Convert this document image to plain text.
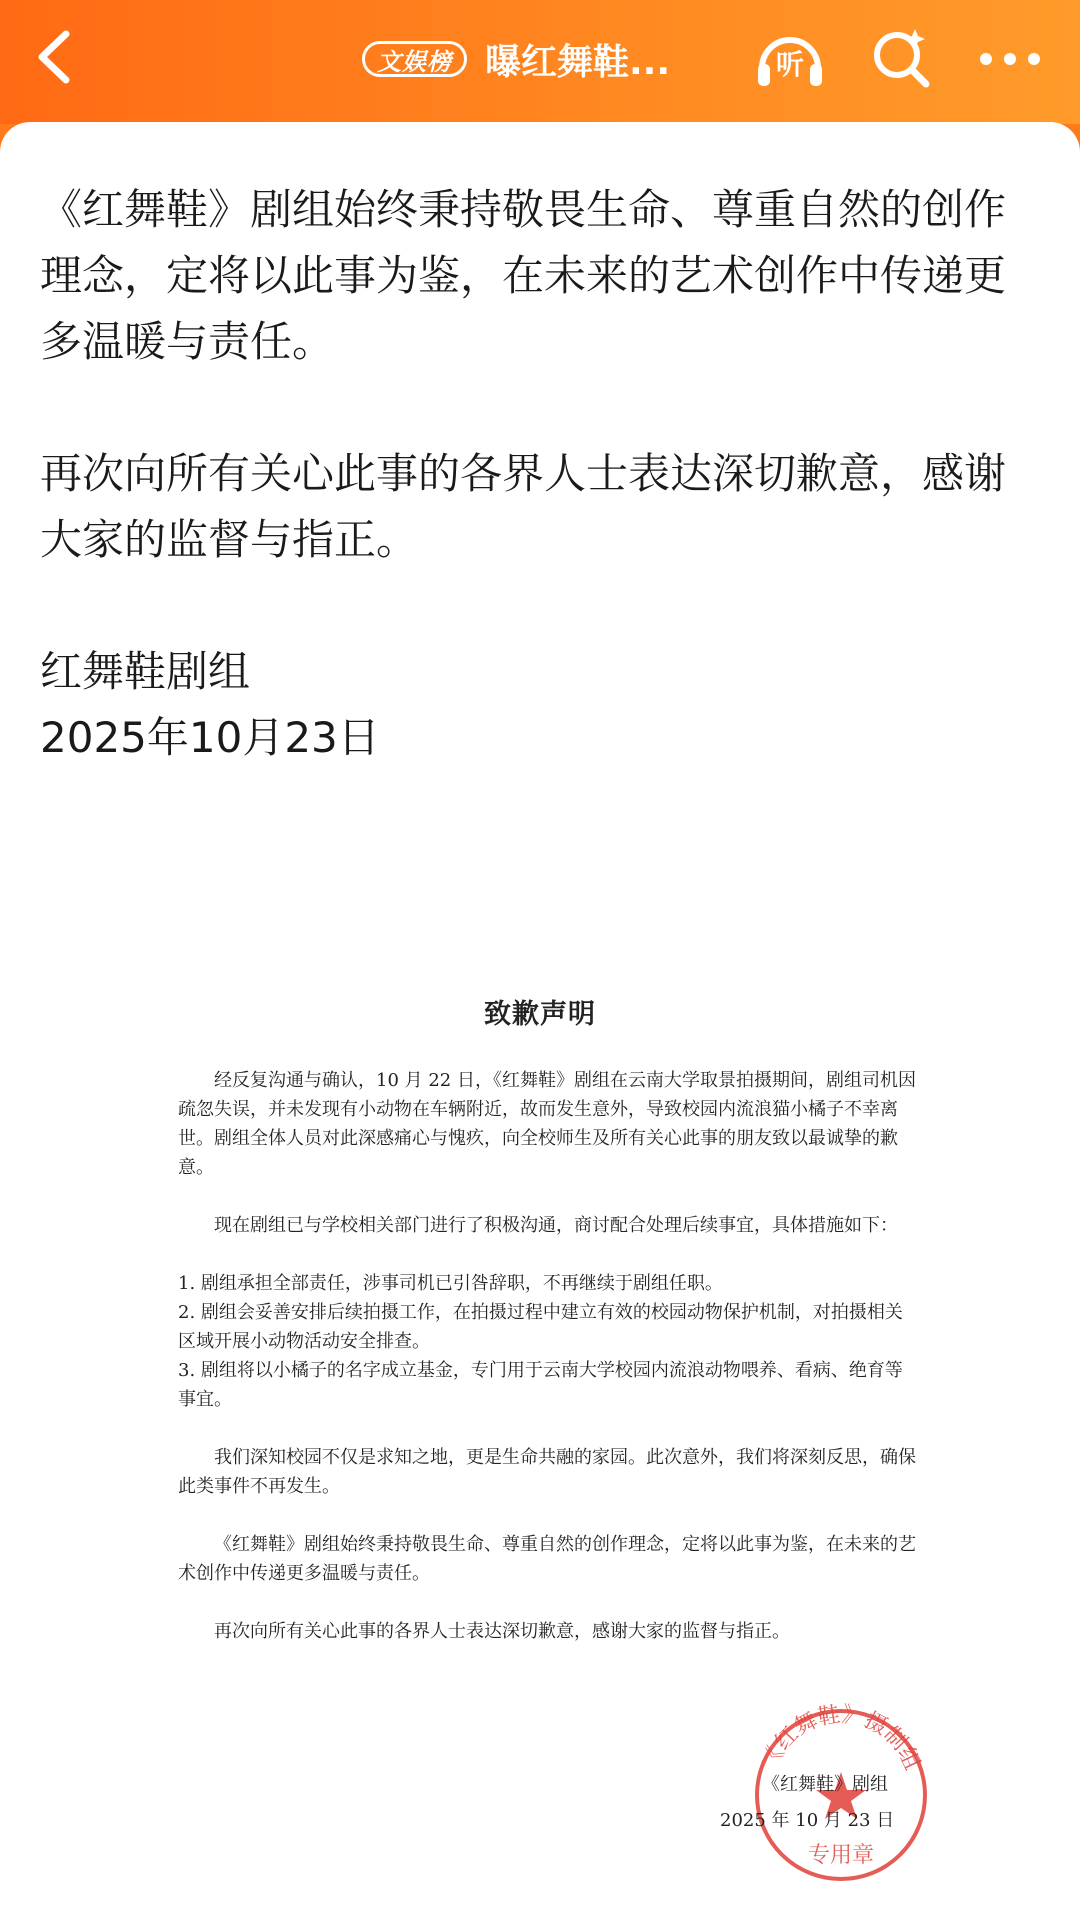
文娱榜 曝红舞鞋...	听

《红舞鞋》剧组始终秉持敬畏生命、尊重自然的创作理念，定将以此事为鉴，在未来的艺术创作中传递更多温暖与责任。

再次向所有关心此事的各界人士表达深切歉意，感谢大家的监督与指正。

红舞鞋剧组

2025年10月23日

致歉声明

经反复沟通与确认，10 月 22 日，《红舞鞋》剧组在云南大学取景拍摄期间，剧组司机因疏忽失误，并未发现有小动物在车辆附近，故而发生意外，导致校园内流浪猫小橘子不幸离世。剧组全体人员对此深感痛心与愧疚，向全校师生及所有关心此事的朋友致以最诚挚的歉意。

现在剧组已与学校相关部门进行了积极沟通，商讨配合处理后续事宜，具体措施如下：

1. 剧组承担全部责任，涉事司机已引咎辞职，不再继续于剧组任职。

2. 剧组会妥善安排后续拍摄工作，在拍摄过程中建立有效的校园动物保护机制，对拍摄相关区域开展小动物活动安全排查。

3. 剧组将以小橘子的名字成立基金，专门用于云南大学校园内流浪动物喂养、看病、绝育等事宜。

我们深知校园不仅是求知之地，更是生命共融的家园。此次意外，我们将深刻反思，确保此类事件不再发生。

《红舞鞋》剧组始终秉持敬畏生命、尊重自然的创作理念，定将以此事为鉴，在未来的艺术创作中传递更多温暖与责任。

再次向所有关心此事的各界人士表达深切歉意，感谢大家的监督与指正。

《红舞鞋》摄制组
专用章
《红舞鞋》剧组
2025 年 10 月 23 日
